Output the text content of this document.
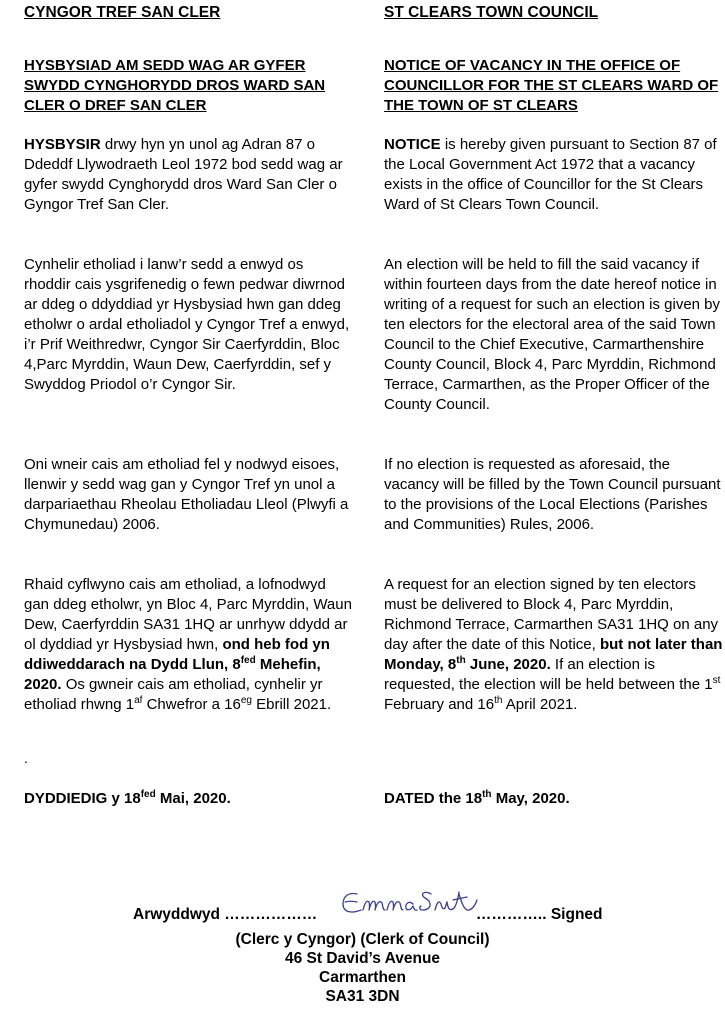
CYNGOR TREF SAN CLER

HYSBYSIAD AM SEDD WAG AR GYFER SWYDD CYNGHORYDD DROS WARD SAN CLER O DREF SAN CLER

HYSBYSIR drwy hyn yn unol ag Adran 87 o Ddeddf Llywodraeth Leol 1972 bod sedd wag ar gyfer swydd Cynghorydd dros Ward San Cler o Gyngor Tref San Cler.

Cynhelir etholiad i lanw’r sedd a enwyd os rhoddir cais ysgrifenedig o fewn pedwar diwrnod ar ddeg o ddyddiad yr Hysbysiad hwn gan ddeg etholwr o ardal etholiadol y Cyngor Tref a enwyd, i’r Prif Weithredwr, Cyngor Sir Caerfyrddin, Bloc 4,Parc Myrddin, Waun Dew, Caerfyrddin, sef y Swyddog Priodol o’r Cyngor Sir.

Oni wneir cais am etholiad fel y nodwyd eisoes, llenwir y sedd wag gan y Cyngor Tref yn unol a darpariaethau Rheolau Etholiadau Lleol (Plwyfi a Chymunedau) 2006.

Rhaid cyflwyno cais am etholiad, a lofnodwyd gan ddeg etholwr, yn Bloc 4, Parc Myrddin, Waun Dew, Caerfyrddin SA31 1HQ ar unrhyw ddydd ar ol dyddiad yr Hysbysiad hwn, ond heb fod yn ddiweddarach na Dydd Llun, $8^{fed}$ Mehefin, 2020. Os gwneir cais am etholiad, cynhelir yr etholiad rhwng $1^{af}$ Chwefror a $16^{eg}$ Ebrill 2021.

.

DYDDIEDIG y $18^{fed}$ Mai, 2020.

ST CLEARS TOWN COUNCIL

NOTICE OF VACANCY IN THE OFFICE OF COUNCILLOR FOR THE ST CLEARS WARD OF THE TOWN OF ST CLEARS

NOTICE is hereby given pursuant to Section 87 of the Local Government Act 1972 that a vacancy exists in the office of Councillor for the St Clears Ward of St Clears Town Council.

An election will be held to fill the said vacancy if within fourteen days from the date hereof notice in writing of a request for such an election is given by ten electors for the electoral area of the said Town Council to the Chief Executive, Carmarthenshire County Council, Block 4, Parc Myrddin, Richmond Terrace, Carmarthen, as the Proper Officer of the County Council.

If no election is requested as aforesaid, the vacancy will be filled by the Town Council pursuant to the provisions of the Local Elections (Parishes and Communities) Rules, 2006.

A request for an election signed by ten electors must be delivered to Block 4, Parc Myrddin, Richmond Terrace, Carmarthen SA31 1HQ on any day after the date of this Notice, but not later than Monday, 8th June, 2020. If an election is requested, the election will be held between the 1st February and 16th April 2021.

DATED the 18th May, 2020.

Arwyddwyd ………………	………….. Signed
(Clerc y Cyngor) (Clerk of Council)
46 St David’s Avenue
Carmarthen
SA31 3DN
